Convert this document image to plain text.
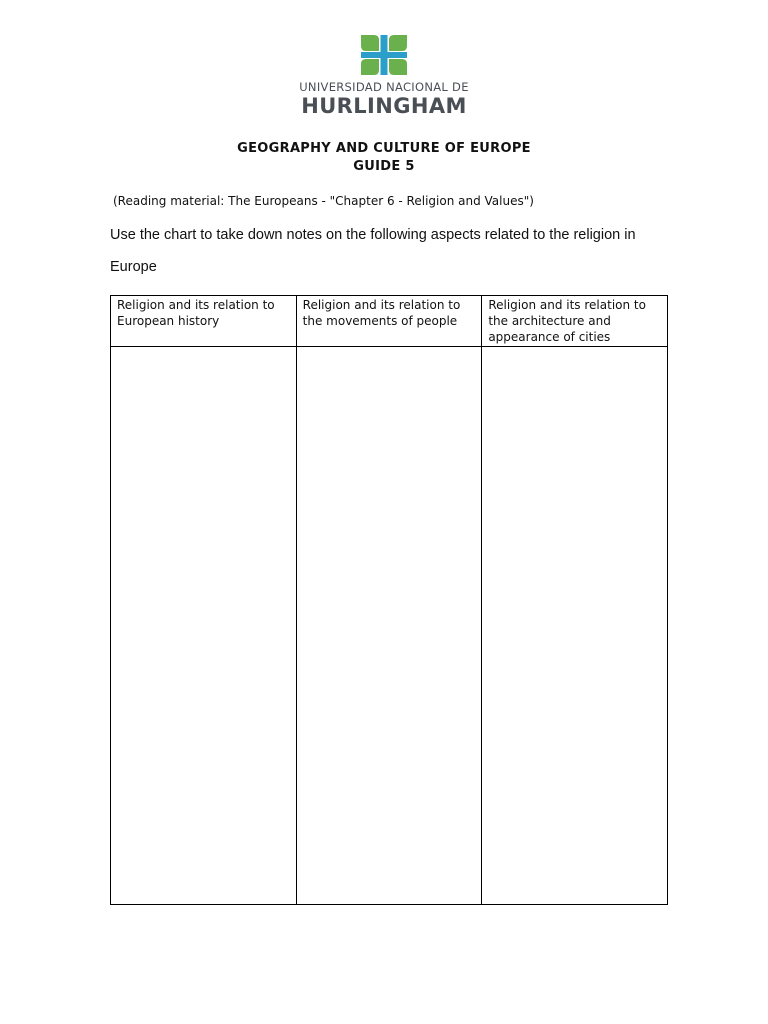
UNIVERSIDAD NACIONAL DE
HURLINGHAM
GEOGRAPHY AND CULTURE OF EUROPE
GUIDE 5
(Reading material: The Europeans - "Chapter 6 - Religion and Values")
Use the chart to take down notes on the following aspects related to the religion in Europe
Religion and its relation to European history	Religion and its relation to the movements of people	Religion and its relation to the architecture and appearance of cities
